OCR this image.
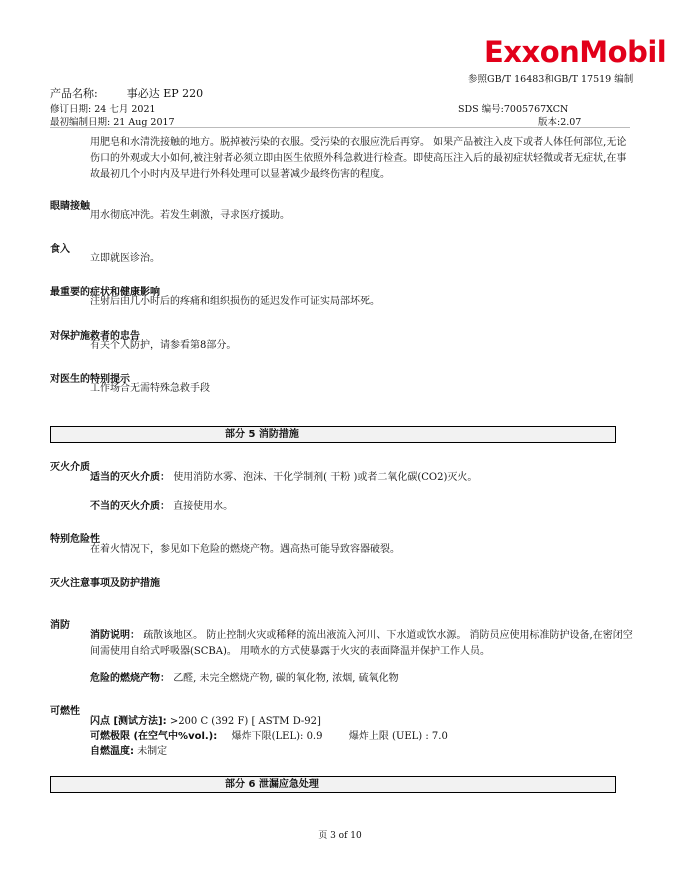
ExxonMobil
参照GB/T 16483和GB/T 17519 编制
产品名称:	事必达 EP 220
修订日期: 24 七月 2021	SDS 编号:7005767XCN
最初编制日期: 21 Aug 2017	版本:2.07
用肥皂和水清洗接触的地方。脱掉被污染的衣服。受污染的衣服应洗后再穿。 如果产品被注入皮下或者人体任何部位,无论伤口的外观或大小如何,被注射者必须立即由医生依照外科急救进行检查。即使高压注入后的最初症状轻微或者无症状,在事故最初几个小时内及早进行外科处理可以显著减少最终伤害的程度。
眼睛接触
用水彻底冲洗。若发生刺激，寻求医疗援助。
食入
立即就医诊治。
最重要的症状和健康影响
注射后由几小时后的疼痛和组织损伤的延迟发作可证实局部坏死。
对保护施救者的忠告
有关个人防护，请参看第8部分。
对医生的特别提示
工作场合无需特殊急救手段
部分 5 消防措施
灭火介质
适当的灭火介质： 使用消防水雾、泡沫、干化学制剂( 干粉 )或者二氧化碳(CO2)灭火。
不当的灭火介质： 直接使用水。
特别危险性
在着火情况下，参见如下危险的燃烧产物。遇高热可能导致容器破裂。
灭火注意事项及防护措施
消防
消防说明： 疏散该地区。 防止控制火灾或稀释的流出液流入河川、下水道或饮水源。 消防员应使用标准防护设备,在密闭空间需使用自给式呼吸器(SCBA)。 用喷水的方式使暴露于火灾的表面降温并保护工作人员。
危险的燃烧产物： 乙醛, 未完全燃烧产物, 碳的氧化物, 浓烟, 硫氧化物
可燃性
闪点 [测试方法]: >200 C (392 F) [ ASTM D-92]
可燃极限 (在空气中%vol.): 爆炸下限(LEL): 0.9	爆炸上限 (UEL) : 7.0
自燃温度: 未制定
部分 6 泄漏应急处理
页 3 of 10
